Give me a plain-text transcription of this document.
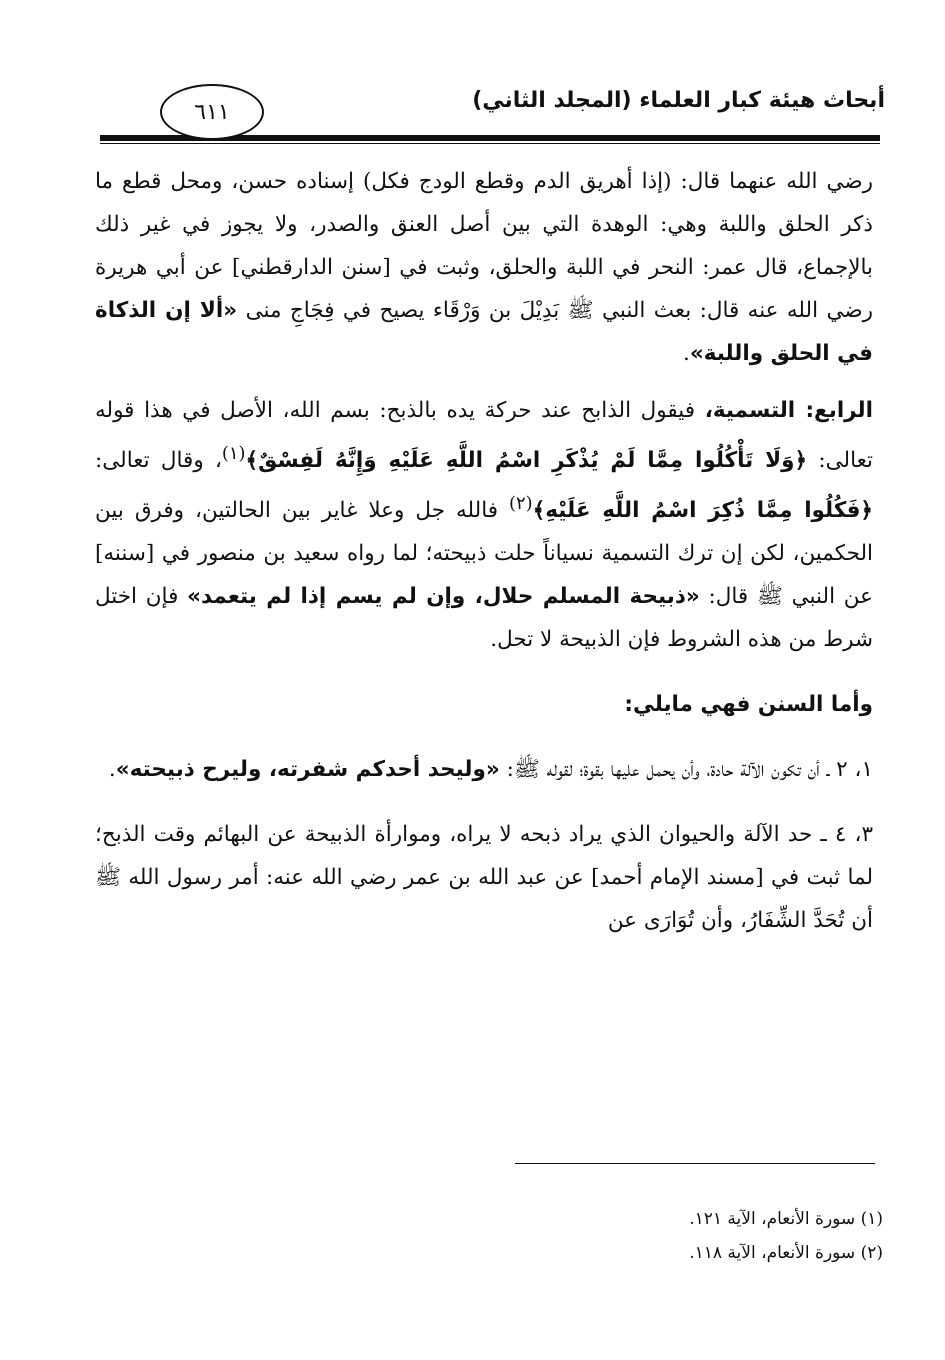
أبحاث هيئة كبار العلماء (المجلد الثاني)
٦١١

رضي الله عنهما قال: (إذا أهريق الدم وقطع الودج فكل) إسناده حسن، ومحل قطع ما ذكر الحلق واللبة وهي: الوهدة التي بين أصل العنق والصدر، ولا يجوز في غير ذلك بالإجماع، قال عمر: النحر في اللبة والحلق، وثبت في [سنن الدارقطني] عن أبي هريرة رضي الله عنه قال: بعث النبي ﷺ بَدِيْلَ بن وَرْقَاء يصيح في فِجَاجِ منى «ألا إن الذكاة في الحلق واللبة».

الرابع: التسمية، فيقول الذابح عند حركة يده بالذبح: بسم الله، الأصل في هذا قوله تعالى: ﴿وَلَا تَأْكُلُوا مِمَّا لَمْ يُذْكَرِ اسْمُ اللَّهِ عَلَيْهِ وَإِنَّهُ لَفِسْقٌ﴾$^{(١)}$، وقال تعالى: ﴿فَكُلُوا مِمَّا ذُكِرَ اسْمُ اللَّهِ عَلَيْهِ﴾$^{(٢)}$ فالله جل وعلا غاير بين الحالتين، وفرق بين الحكمين، لكن إن ترك التسمية نسياناً حلت ذبيحته؛ لما رواه سعيد بن منصور في [سننه] عن النبي ﷺ قال: «ذبيحة المسلم حلال، وإن لم يسم إذا لم يتعمد» فإن اختل شرط من هذه الشروط فإن الذبيحة لا تحل.

وأما السنن فهي مايلي:

١، ٢ ـ أن تكون الآلة حادة، وأن يحمل عليها بقوة؛ لقوله ﷺ: «وليحد أحدكم شفرته، وليرح ذبيحته».

٣، ٤ ـ حد الآلة والحيوان الذي يراد ذبحه لا يراه، وموارأة الذبيحة عن البهائم وقت الذبح؛ لما ثبت في [مسند الإمام أحمد] عن عبد الله بن عمر رضي الله عنه: أمر رسول الله ﷺ أن تُحَدَّ الشِّفَارُ، وأن تُوَارَى عن

(١) سورة الأنعام، الآية ١٢١.

(٢) سورة الأنعام، الآية ١١٨.
